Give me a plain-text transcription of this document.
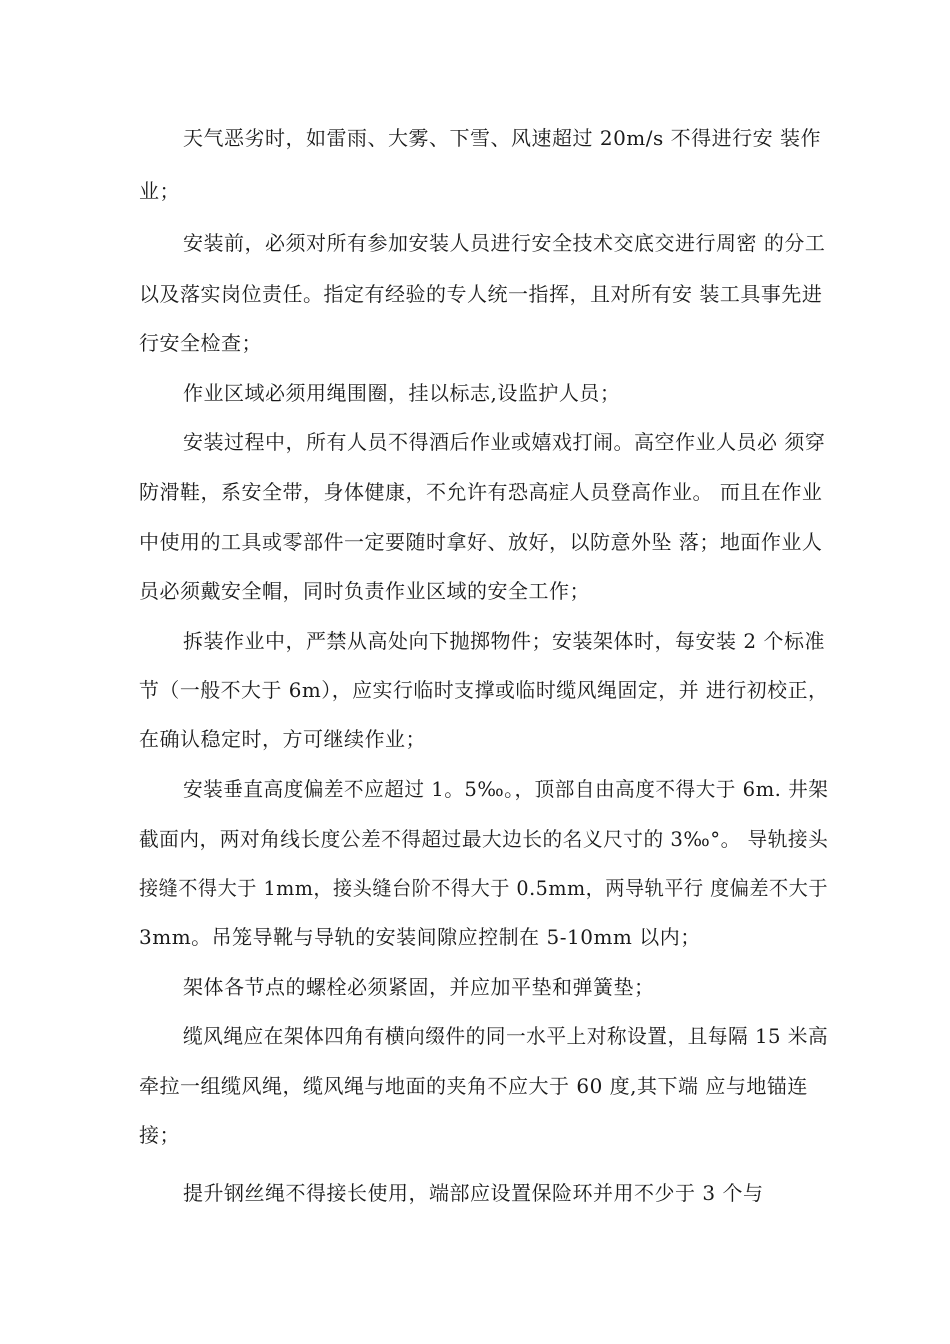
天气恶劣时，如雷雨、大雾、下雪、风速超过 20m/s 不得进行安 装作

业；

安装前，必须对所有参加安装人员进行安全技术交底交进行周密 的分工

以及落实岗位责任。指定有经验的专人统一指挥，且对所有安 装工具事先进

行安全检查；

作业区域必须用绳围圈，挂以标志,设监护人员；

安装过程中，所有人员不得酒后作业或嬉戏打闹。高空作业人员必 须穿

防滑鞋，系安全带，身体健康，不允许有恐高症人员登高作业。 而且在作业

中使用的工具或零部件一定要随时拿好、放好，以防意外坠 落；地面作业人

员必须戴安全帽，同时负责作业区域的安全工作；

拆装作业中，严禁从高处向下抛掷物件；安装架体时，每安装 2 个标准

节（一般不大于 6m），应实行临时支撑或临时缆风绳固定，并 进行初校正，

在确认稳定时，方可继续作业；

安装垂直高度偏差不应超过 1。5‰。，顶部自由高度不得大于 6m. 井架

截面内，两对角线长度公差不得超过最大边长的名义尺寸的 3‰°。 导轨接头

接缝不得大于 1mm，接头缝台阶不得大于 0.5mm，两导轨平行 度偏差不大于

3mm。吊笼导靴与导轨的安装间隙应控制在 5-10mm 以内；

架体各节点的螺栓必须紧固，并应加平垫和弹簧垫；

缆风绳应在架体四角有横向缀件的同一水平上对称设置，且每隔 15 米高

牵拉一组缆风绳，缆风绳与地面的夹角不应大于 60 度,其下端 应与地锚连

接；

提升钢丝绳不得接长使用，端部应设置保险环并用不少于 3 个与
